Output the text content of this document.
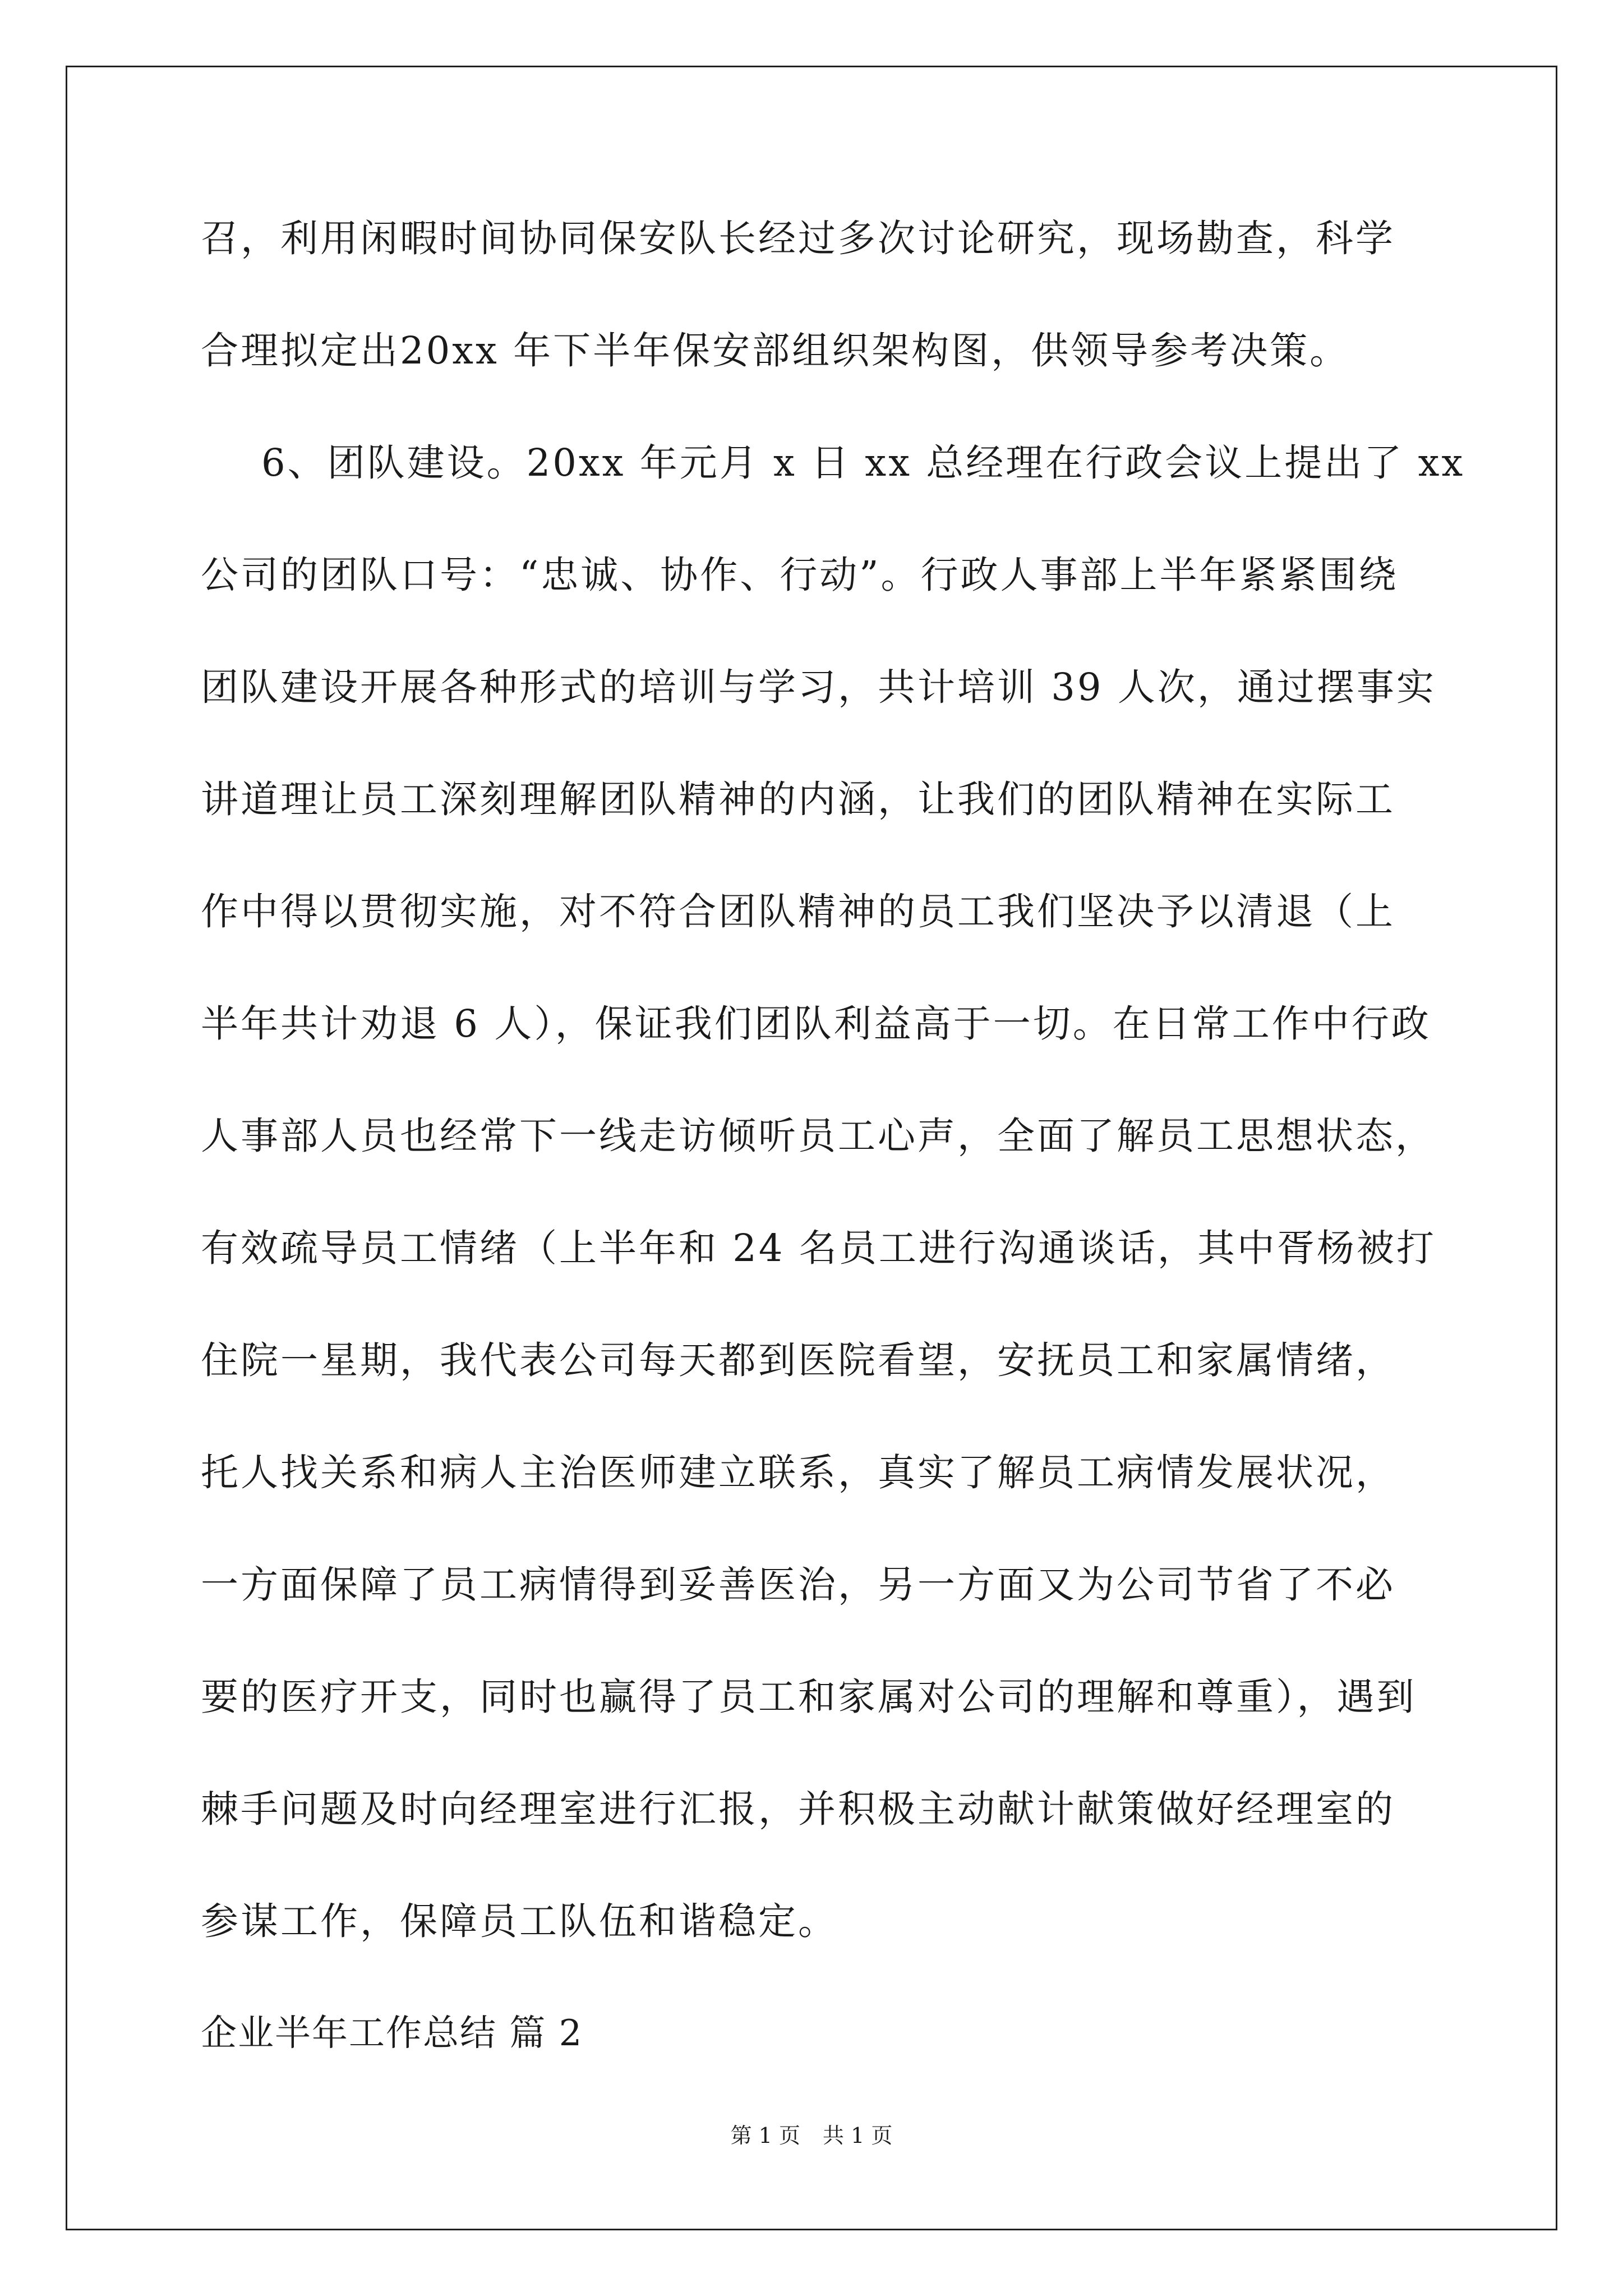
召，利用闲暇时间协同保安队长经过多次讨论研究，现场勘查，科学
合理拟定出20xx 年下半年保安部组织架构图，供领导参考决策。
6、团队建设。20xx 年元月 x 日 xx 总经理在行政会议上提出了 xx
公司的团队口号：“忠诚、协作、行动”。行政人事部上半年紧紧围绕
团队建设开展各种形式的培训与学习，共计培训 39 人次，通过摆事实
讲道理让员工深刻理解团队精神的内涵，让我们的团队精神在实际工
作中得以贯彻实施，对不符合团队精神的员工我们坚决予以清退（上
半年共计劝退 6 人），保证我们团队利益高于一切。在日常工作中行政
人事部人员也经常下一线走访倾听员工心声，全面了解员工思想状态，
有效疏导员工情绪（上半年和 24 名员工进行沟通谈话，其中胥杨被打
住院一星期，我代表公司每天都到医院看望，安抚员工和家属情绪，
托人找关系和病人主治医师建立联系，真实了解员工病情发展状况，
一方面保障了员工病情得到妥善医治，另一方面又为公司节省了不必
要的医疗开支，同时也赢得了员工和家属对公司的理解和尊重），遇到
棘手问题及时向经理室进行汇报，并积极主动献计献策做好经理室的
参谋工作，保障员工队伍和谐稳定。
企业半年工作总结 篇 2
第 1 页 共 1 页
